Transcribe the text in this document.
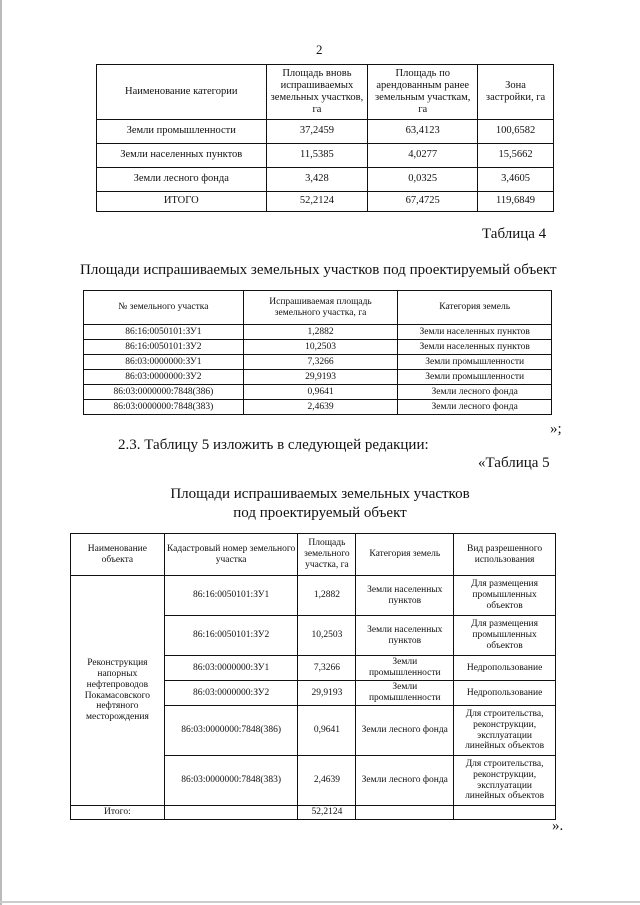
2
Наименование категории	Площадь вновь испрашиваемых земельных участков, га	Площадь по арендованным ранее земельным участкам, га	Зона застройки, га
Земли промышленности	37,2459	63,4123	100,6582
Земли населенных пунктов	11,5385	4,0277	15,5662
Земли лесного фонда	3,428	0,0325	3,4605
ИТОГО	52,2124	67,4725	119,6849
Таблица 4
Площади испрашиваемых земельных участков под проектируемый объект
№ земельного участка	Испрашиваемая площадь земельного участка, га	Категория земель
86:16:0050101:ЗУ1	1,2882	Земли населенных пунктов
86:16:0050101:ЗУ2	10,2503	Земли населенных пунктов
86:03:0000000:ЗУ1	7,3266	Земли промышленности
86:03:0000000:ЗУ2	29,9193	Земли промышленности
86:03:0000000:7848(386)	0,9641	Земли лесного фонда
86:03:0000000:7848(383)	2,4639	Земли лесного фонда
»;
2.3. Таблицу 5 изложить в следующей редакции:
«Таблица 5
Площади испрашиваемых земельных участков
под проектируемый объект
Наименование объекта	Кадастровый номер земельного участка	Площадь земельного участка, га	Категория земель	Вид разрешенного использования
Реконструкция напорных нефтепроводов Покамасовского нефтяного месторождения	86:16:0050101:ЗУ1	1,2882	Земли населенных пунктов	Для размещения промышленных объектов
	86:16:0050101:ЗУ2	10,2503	Земли населенных пунктов	Для размещения промышленных объектов
	86:03:0000000:ЗУ1	7,3266	Земли промышленности	Недропользование
	86:03:0000000:ЗУ2	29,9193	Земли промышленности	Недропользование
	86:03:0000000:7848(386)	0,9641	Земли лесного фонда	Для строительства, реконструкции, эксплуатации линейных объектов
	86:03:0000000:7848(383)	2,4639	Земли лесного фонда	Для строительства, реконструкции, эксплуатации линейных объектов
Итого:		52,2124		
».
